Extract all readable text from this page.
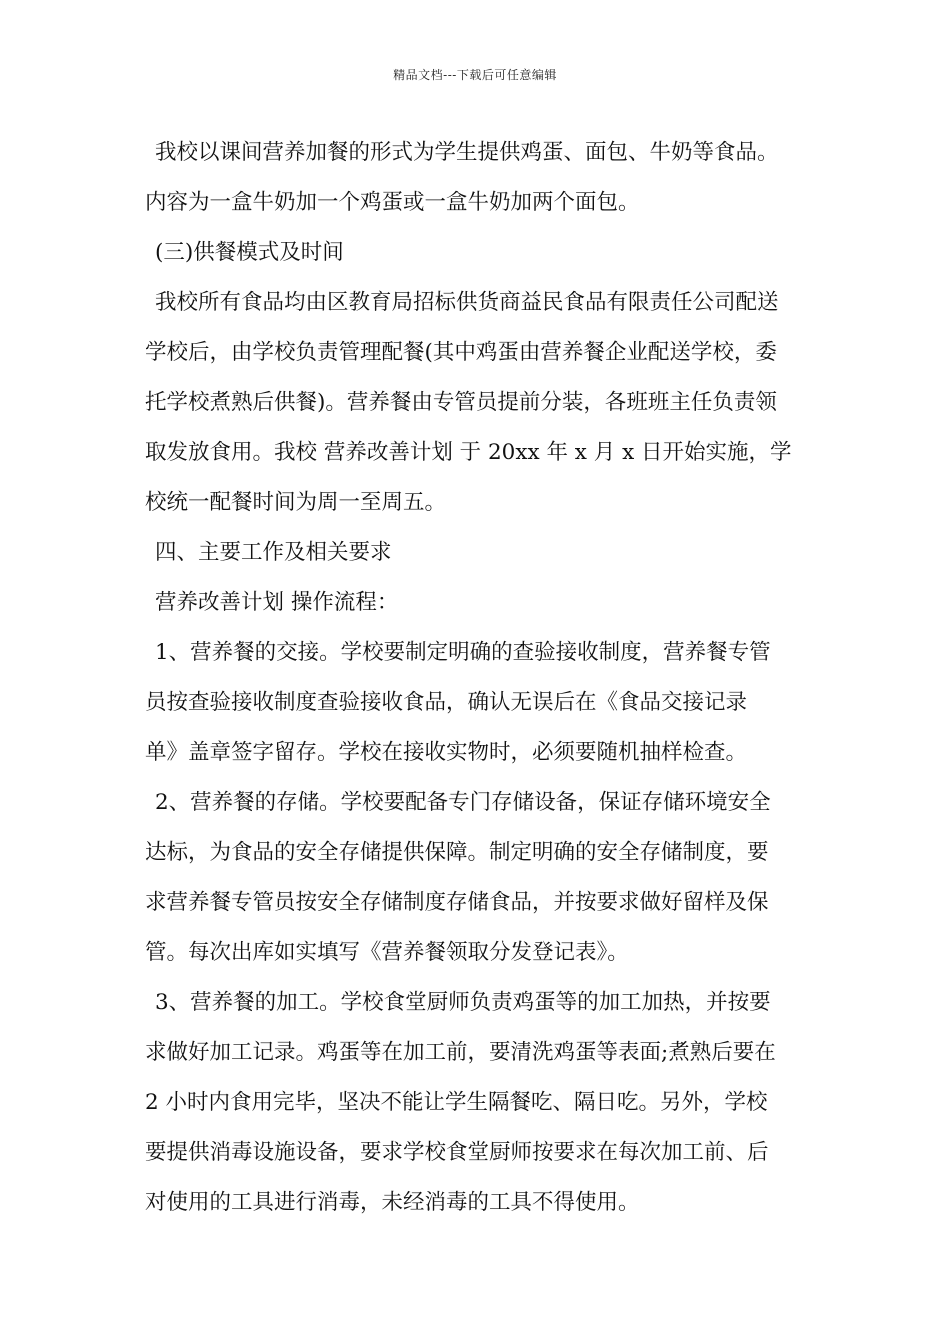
精品文档---下载后可任意编辑
我校以课间营养加餐的形式为学生提供鸡蛋、面包、牛奶等食品。
内容为一盒牛奶加一个鸡蛋或一盒牛奶加两个面包。
(三)供餐模式及时间
我校所有食品均由区教育局招标供货商益民食品有限责任公司配送
学校后，由学校负责管理配餐(其中鸡蛋由营养餐企业配送学校，委
托学校煮熟后供餐)。营养餐由专管员提前分装，各班班主任负责领
取发放食用。我校 营养改善计划 于 20xx 年 x 月 x 日开始实施，学
校统一配餐时间为周一至周五。
四、主要工作及相关要求
营养改善计划 操作流程：
1、营养餐的交接。学校要制定明确的查验接收制度，营养餐专管
员按查验接收制度查验接收食品，确认无误后在《食品交接记录
单》盖章签字留存。学校在接收实物时，必须要随机抽样检查。
2、营养餐的存储。学校要配备专门存储设备，保证存储环境安全
达标，为食品的安全存储提供保障。制定明确的安全存储制度，要
求营养餐专管员按安全存储制度存储食品，并按要求做好留样及保
管。每次出库如实填写《营养餐领取分发登记表》。
3、营养餐的加工。学校食堂厨师负责鸡蛋等的加工加热，并按要
求做好加工记录。鸡蛋等在加工前，要清洗鸡蛋等表面;煮熟后要在
2 小时内食用完毕，坚决不能让学生隔餐吃、隔日吃。另外，学校
要提供消毒设施设备，要求学校食堂厨师按要求在每次加工前、后
对使用的工具进行消毒，未经消毒的工具不得使用。
